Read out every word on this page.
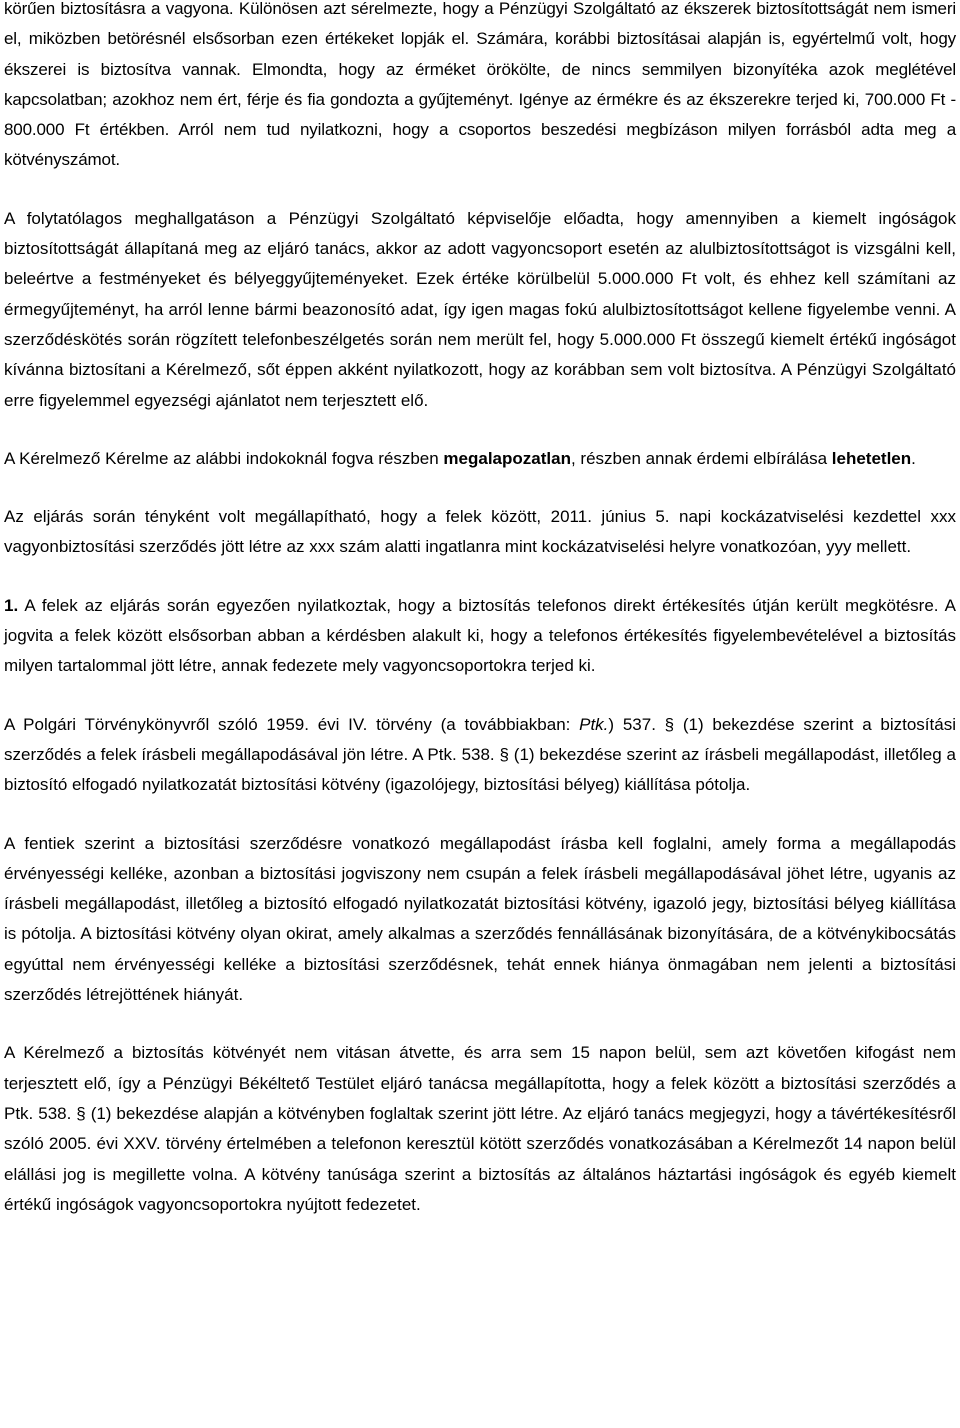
körűen biztosításra a vagyona. Különösen azt sérelmezte, hogy a Pénzügyi Szolgáltató az ékszerek biztosítottságát nem ismeri el, miközben betörésnél elsősorban ezen értékeket lopják el. Számára, korábbi biztosításai alapján is, egyértelmű volt, hogy ékszerei is biztosítva vannak. Elmondta, hogy az érméket örökölte, de nincs semmilyen bizonyítéka azok meglétével kapcsolatban; azokhoz nem ért, férje és fia gondozta a gyűjteményt. Igénye az érmékre és az ékszerekre terjed ki, 700.000 Ft - 800.000 Ft értékben. Arról nem tud nyilatkozni, hogy a csoportos beszedési megbízáson milyen forrásból adta meg a kötvényszámot.

A folytatólagos meghallgatáson a Pénzügyi Szolgáltató képviselője előadta, hogy amennyiben a kiemelt ingóságok biztosítottságát állapítaná meg az eljáró tanács, akkor az adott vagyoncsoport esetén az alulbiztosítottságot is vizsgálni kell, beleértve a festményeket és bélyeggyűjteményeket. Ezek értéke körülbelül 5.000.000 Ft volt, és ehhez kell számítani az érmegyűjteményt, ha arról lenne bármi beazonosító adat, így igen magas fokú alulbiztosítottságot kellene figyelembe venni. A szerződéskötés során rögzített telefonbeszélgetés során nem merült fel, hogy 5.000.000 Ft összegű kiemelt értékű ingóságot kívánna biztosítani a Kérelmező, sőt éppen akként nyilatkozott, hogy az korábban sem volt biztosítva. A Pénzügyi Szolgáltató erre figyelemmel egyezségi ajánlatot nem terjesztett elő.

A Kérelmező Kérelme az alábbi indokoknál fogva részben megalapozatlan, részben annak érdemi elbírálása lehetetlen.

Az eljárás során tényként volt megállapítható, hogy a felek között, 2011. június 5. napi kockázatviselési kezdettel xxx vagyonbiztosítási szerződés jött létre az xxx szám alatti ingatlanra mint kockázatviselési helyre vonatkozóan, yyy mellett.

1. A felek az eljárás során egyezően nyilatkoztak, hogy a biztosítás telefonos direkt értékesítés útján került megkötésre. A jogvita a felek között elsősorban abban a kérdésben alakult ki, hogy a telefonos értékesítés figyelembevételével a biztosítás milyen tartalommal jött létre, annak fedezete mely vagyoncsoportokra terjed ki.

A Polgári Törvénykönyvről szóló 1959. évi IV. törvény (a továbbiakban: Ptk.) 537. § (1) bekezdése szerint a biztosítási szerződés a felek írásbeli megállapodásával jön létre. A Ptk. 538. § (1) bekezdése szerint az írásbeli megállapodást, illetőleg a biztosító elfogadó nyilatkozatát biztosítási kötvény (igazolójegy, biztosítási bélyeg) kiállítása pótolja.

A fentiek szerint a biztosítási szerződésre vonatkozó megállapodást írásba kell foglalni, amely forma a megállapodás érvényességi kelléke, azonban a biztosítási jogviszony nem csupán a felek írásbeli megállapodásával jöhet létre, ugyanis az írásbeli megállapodást, illetőleg a biztosító elfogadó nyilatkozatát biztosítási kötvény, igazoló jegy, biztosítási bélyeg kiállítása is pótolja. A biztosítási kötvény olyan okirat, amely alkalmas a szerződés fennállásának bizonyítására, de a kötvénykibocsátás egyúttal nem érvényességi kelléke a biztosítási szerződésnek, tehát ennek hiánya önmagában nem jelenti a biztosítási szerződés létrejöttének hiányát.

A Kérelmező a biztosítás kötvényét nem vitásan átvette, és arra sem 15 napon belül, sem azt követően kifogást nem terjesztett elő, így a Pénzügyi Békéltető Testület eljáró tanácsa megállapította, hogy a felek között a biztosítási szerződés a Ptk. 538. § (1) bekezdése alapján a kötvényben foglaltak szerint jött létre. Az eljáró tanács megjegyzi, hogy a távértékesítésről szóló 2005. évi XXV. törvény értelmében a telefonon keresztül kötött szerződés vonatkozásában a Kérelmezőt 14 napon belül elállási jog is megillette volna. A kötvény tanúsága szerint a biztosítás az általános háztartási ingóságok és egyéb kiemelt értékű ingóságok vagyoncsoportokra nyújtott fedezetet.
